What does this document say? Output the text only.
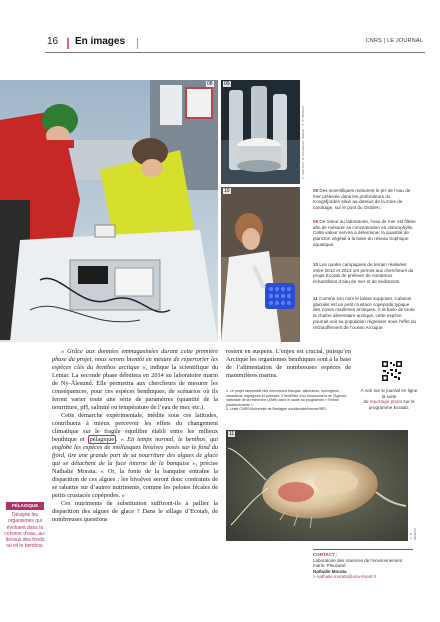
16 En images	CNRS | LE JOURNAL
08 09
© PHOTOS : M. DAASE/UIT, IMAGE : © N. MORATA
10	08 Des scientifiques mesurent le pH de l’eau de mer prélevée dans les profondeurs du Kongsfjorden situé au-dessus de la zone de carottage, sur le pont du Oslofen.
09 De retour au laboratoire, l’eau de mer est filtrée afin de mesurer sa concentration en chlorophylle. Cette valeur servira à déterminer la quantité de plancton végétal à la base du réseau trophique aquatique.
10 Les quatre campagnes de terrain réalisées entre 2012 et 2013 ont permis aux chercheurs du projet Ecotab de prélever de nombreux échantillons d’eau de mer et de sédiments.
11 Comme son nom le laisse supposer, Calanus glacialis est un petit crustacé copépode typique des zones maritimes arctiques. À la base de toute la chaîne alimentaire arctique, cette espèce pourrait voir sa population régresser sous l’effet du réchauffement de l’océan Arctique.

« Grâce aux données emmagasinées durant cette première phase du projet, nous serons bientôt en mesure de répertorier les espèces clés du benthos arctique », indique la scientifique du Lemar. La seconde phase débutera en 2014 au laboratoire marin de Ny-Ålesund. Elle permettra aux chercheurs de mesurer les conséquences, pour ces espèces benthiques, de scénarios où ils feront varier toute une série de paramètres (quantité de la nourriture, pH, salinité ou température de l’eau de mer, etc.).

Cette démarche expérimentale, inédite sous ces latitudes, contribuera à mieux percevoir les effets du changement climatique sur le fragile équilibre établi entre les milieux benthique et pélagique . « En temps normal, le benthos, qui englobe les espèces de mollusques bivalves posés sur le fond du fjord, tire une grande part de sa nourriture des algues de glace qui se détachent de la face interne de la banquise », précise Nathalie Morata. « Or, la fonte de la banquise entraîne la disparition de ces algues : les bivalves seront donc contraints de se rabattre sur d’autres nutriments, comme les pelotes fécales de petits crustacés copépodes. »

Ces nutriments de substitution suffiront-ils à pallier la disparition des algues de glace ? Dans le sillage d’Ecotab, de nombreuses questions

restent en suspens. L’enjeu est crucial, puisqu’en Arctique les organismes benthiques sont à la base de l’alimentation de nombreuses espèces de mammifères marins.

1. Le projet rassemble des chercheurs français, allemands, norvégiens, canadiens, espagnols et polonais. Il bénéficie d’un financement de l’Agence nationale de la recherche (ANR) dans le cadre du programme « Retour postdoctorants ».
2. Unité CNRS/Université de Bretagne occidentale/Ifremer/IRD.
À voir sur le journal en ligne la suite
du reportage photo sur le programme Ecotab.
11
© N. MORATA
PÉLAGIQUE
Désigne les organismes qui évoluent dans la colonne d’eau, au-dessus des fonds où vit le benthos.
CONTACT :
Laboratoire des sciences de l’environnement marin, Plouzané
Nathalie Morata
> nathalie.morata@univ-brest.fr
